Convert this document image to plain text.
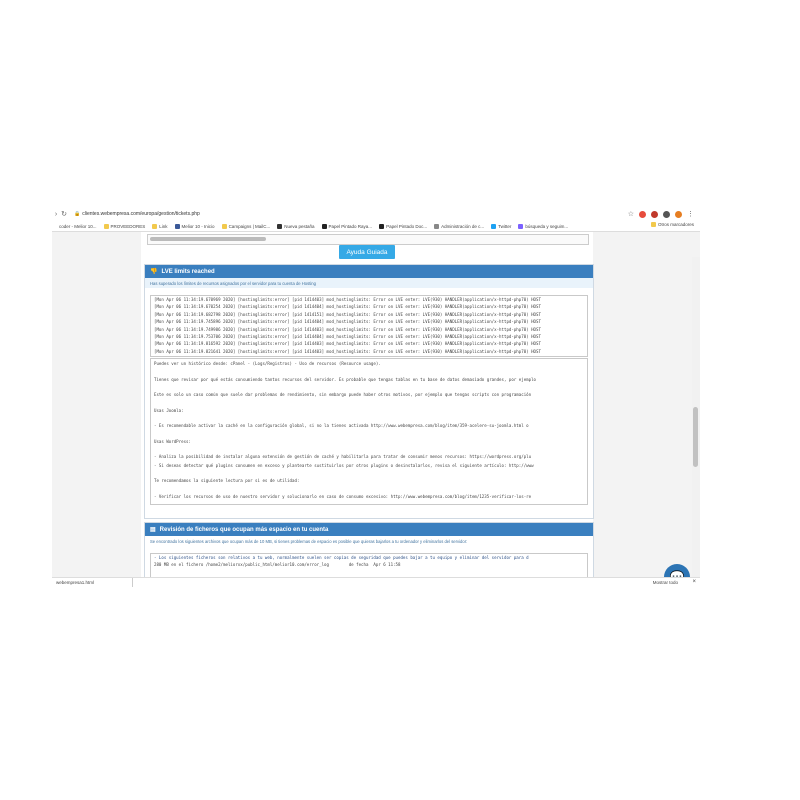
› ↻ 🔒 clientes.webempresa.com/europa/gestion/tickets.php	☆	⋮
coder - Melior 10...	PROVEEDORES	Link	Melior 10 - Inicio	Campaigns | MailC...	Nueva pestaña	Papel Pintado Raya...	Papel Pintado Doc...	Administración de c...	Twitter	búsqueda y seguim...	Otros marcadores
Ayuda Guiada
👎 LVE limits reached
Has superado los límites de recursos asignados por el servidor para tu cuenta de Hosting
[Mon Apr 06 11:34:19.670969 2020] [hostinglimits:error] [pid 1414403] mod_hostinglimits: Error on LVE enter: LVE(930) HANDLER(application/x-httpd-php70) HOST
[Mon Apr 06 11:34:19.670254 2020] [hostinglimits:error] [pid 1414404] mod_hostinglimits: Error on LVE enter: LVE(930) HANDLER(application/x-httpd-php70) HOST
[Mon Apr 06 11:34:19.682798 2020] [hostinglimits:error] [pid 1414151] mod_hostinglimits: Error on LVE enter: LVE(930) HANDLER(application/x-httpd-php70) HOST
[Mon Apr 06 11:34:19.745896 2020] [hostinglimits:error] [pid 1414404] mod_hostinglimits: Error on LVE enter: LVE(930) HANDLER(application/x-httpd-php70) HOST
[Mon Apr 06 11:34:19.749986 2020] [hostinglimits:error] [pid 1414403] mod_hostinglimits: Error on LVE enter: LVE(930) HANDLER(application/x-httpd-php70) HOST
[Mon Apr 06 11:34:19.753706 2020] [hostinglimits:error] [pid 1414404] mod_hostinglimits: Error on LVE enter: LVE(930) HANDLER(application/x-httpd-php70) HOST
[Mon Apr 06 11:34:19.816592 2020] [hostinglimits:error] [pid 1414403] mod_hostinglimits: Error on LVE enter: LVE(930) HANDLER(application/x-httpd-php70) HOST
[Mon Apr 06 11:34:19.821641 2020] [hostinglimits:error] [pid 1414403] mod_hostinglimits: Error on LVE enter: LVE(930) HANDLER(application/x-httpd-php70) HOST
Puedes ver un histórico desde: cPanel - (Logs/Registros) - Uso de recursos (Resource usage).
Tienes que revisar por qué estás consumiendo tantos recursos del servidor. Es probable que tengas tablas en tu base de datos demasiado grandes, por ejemplo
Este es solo un caso común que suele dar problemas de rendimiento, sin embargo puede haber otros motivos, por ejemplo que tengas scripts con programación
Usas Joomla:
- Es recomendable activar la caché en la configuración global, si no la tienes activada http://www.webempresa.com/blog/item/359-acelere-su-joomla.html o
Usas WordPress:
- Analiza la posibilidad de instalar alguna extensión de gestión de caché y habilitarla para tratar de consumir menos recursos: https://wordpress.org/plu
- Si deseas detectar qué plugins consumen en exceso y plantearte sustituirlos por otros plugins o desinstalarlos, revisa el siguiente artículo: http://www
Te recomendamos la siguiente lectura por si es de utilidad:
- Verificar los recursos de uso de nuestro servidor y solucionarlo en caso de consumo excesivo: http://www.webempresa.com/blog/item/1235-verificar-los-re
▤ Revisión de ficheros que ocupan más espacio en tu cuenta
Se encontrado los siguientes archivos que ocupan más de 10 MB, si tienes problemas de espacio es posible que quieras bajarlos a tu ordenador y eliminarlos del servidor:
- Los siguientes ficheros son relativos a tu web, normalmente suelen ser copias de seguridad que puedes bajar a tu equipo y eliminar del servidor para d
280 MB en el fichero /home2/meliorxx/public_html/melior10.com/error_log        de fecha  Apr 6 11:58
webempresa1.html	Mostrar todo ×
